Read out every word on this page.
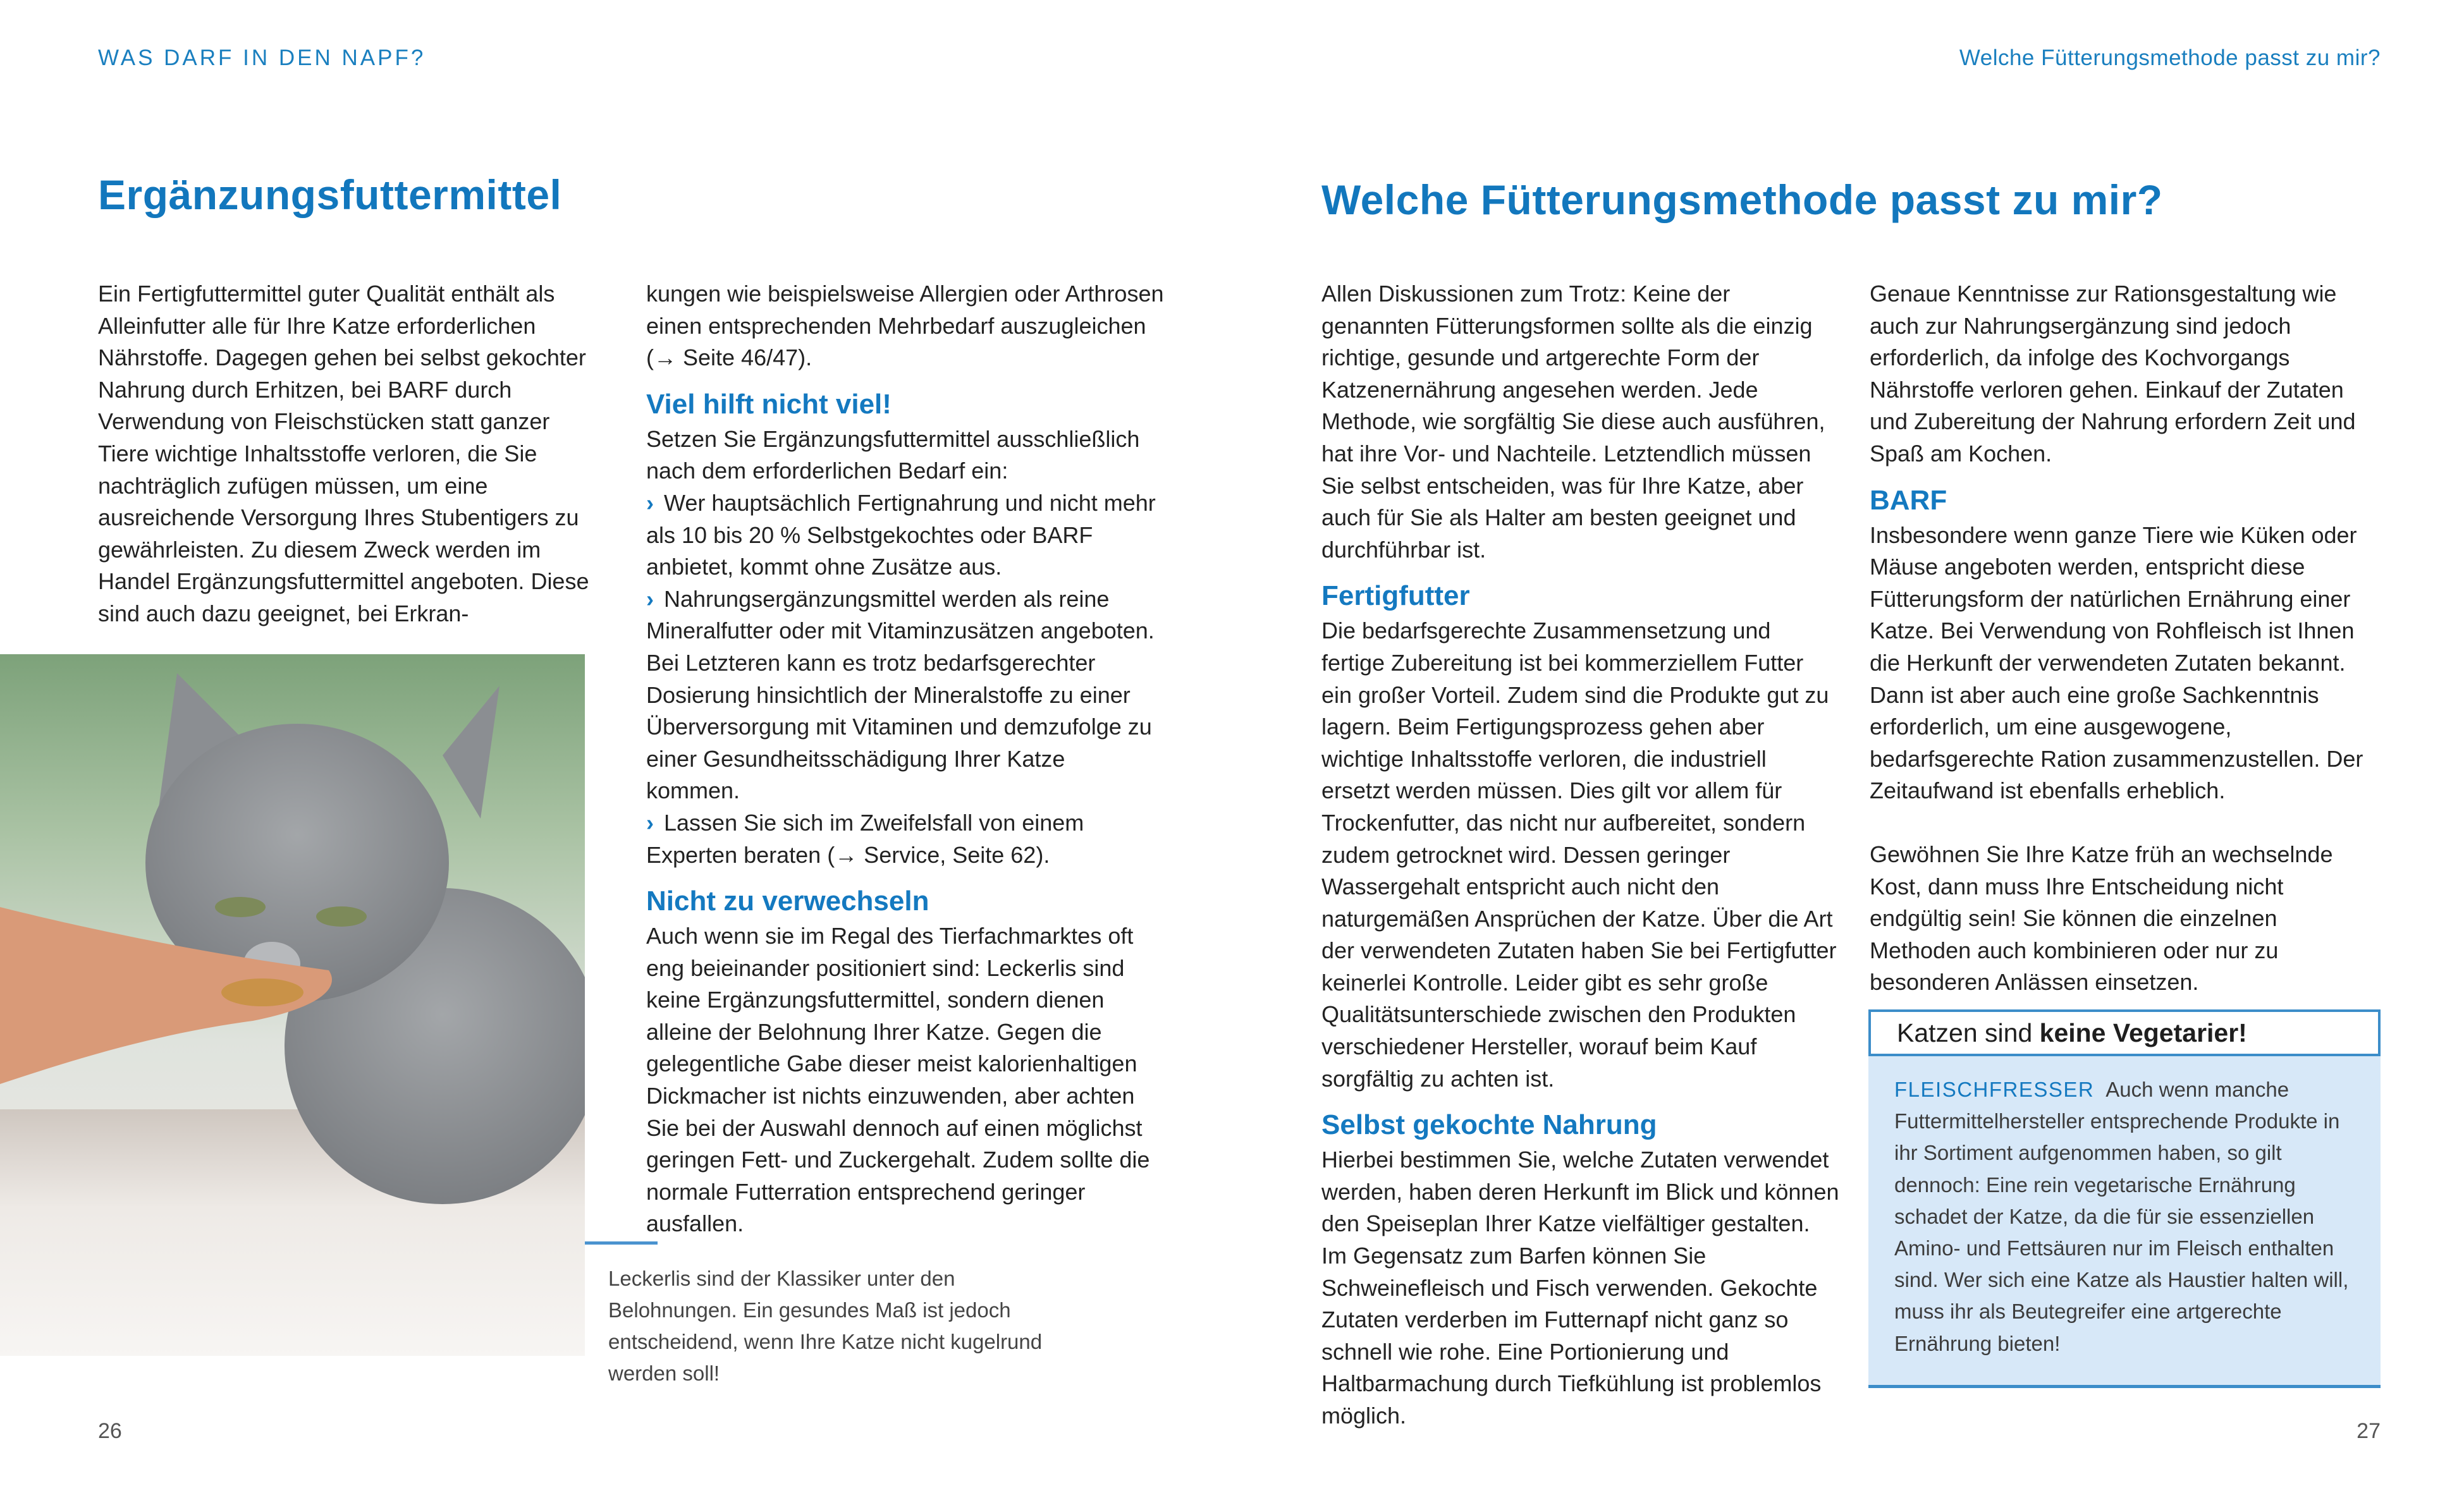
WAS DARF IN DEN NAPF?
Ergänzungsfuttermittel

Ein Fertigfuttermittel guter Qualität enthält als Alleinfutter alle für Ihre Katze erforderlichen Nährstoffe. Dagegen gehen bei selbst gekochter Nahrung durch Erhitzen, bei BARF durch Verwendung von Fleischstücken statt ganzer Tiere wichtige Inhaltsstoffe verloren, die Sie nachträglich zufügen müssen, um eine ausreichende Versorgung Ihres Stubentigers zu gewährleisten. Zu diesem Zweck werden im Handel Ergänzungsfuttermittel angeboten. Diese sind auch dazu geeignet, bei Erkran-

kungen wie beispielsweise Allergien oder Arthrosen einen entsprechenden Mehrbedarf auszugleichen (→ Seite 46/47).

Viel hilft nicht viel!

Setzen Sie Ergänzungsfuttermittel ausschließlich nach dem erforderlichen Bedarf ein:

› Wer hauptsächlich Fertignahrung und nicht mehr als 10 bis 20 % Selbstgekochtes oder BARF anbietet, kommt ohne Zusätze aus.

› Nahrungsergänzungsmittel werden als reine Mineralfutter oder mit Vitaminzusätzen angeboten. Bei Letzteren kann es trotz bedarfsgerechter Dosierung hinsichtlich der Mineralstoffe zu einer Überversorgung mit Vitaminen und demzufolge zu einer Gesundheitsschädigung Ihrer Katze kommen.

› Lassen Sie sich im Zweifelsfall von einem Experten beraten (→ Service, Seite 62).

Nicht zu verwechseln

Auch wenn sie im Regal des Tierfachmarktes oft eng beieinander positioniert sind: Leckerlis sind keine Ergänzungsfuttermittel, sondern dienen alleine der Belohnung Ihrer Katze. Gegen die gelegentliche Gabe dieser meist kalorienhaltigen Dickmacher ist nichts einzuwenden, aber achten Sie bei der Auswahl dennoch auf einen möglichst geringen Fett- und Zuckergehalt. Zudem sollte die normale Futterration entsprechend geringer ausfallen.

Leckerlis sind der Klassiker unter den Belohnungen. Ein gesundes Maß ist jedoch entscheidend, wenn Ihre Katze nicht kugelrund werden soll!
26
Welche Fütterungsmethode passt zu mir?
Welche Fütterungsmethode passt zu mir?

Allen Diskussionen zum Trotz: Keine der genannten Fütterungsformen sollte als die einzig richtige, gesunde und artgerechte Form der Katzenernährung angesehen werden. Jede Methode, wie sorgfältig Sie diese auch ausführen, hat ihre Vor- und Nachteile. Letztendlich müssen Sie selbst entscheiden, was für Ihre Katze, aber auch für Sie als Halter am besten geeignet und durchführbar ist.

Fertigfutter

Die bedarfsgerechte Zusammensetzung und fertige Zubereitung ist bei kommerziellem Futter ein großer Vorteil. Zudem sind die Produkte gut zu lagern. Beim Fertigungsprozess gehen aber wichtige Inhaltsstoffe verloren, die industriell ersetzt werden müssen. Dies gilt vor allem für Trockenfutter, das nicht nur aufbereitet, sondern zudem getrocknet wird. Dessen geringer Wassergehalt entspricht auch nicht den naturgemäßen Ansprüchen der Katze. Über die Art der verwendeten Zutaten haben Sie bei Fertigfutter keinerlei Kontrolle. Leider gibt es sehr große Qualitätsunterschiede zwischen den Produkten verschiedener Hersteller, worauf beim Kauf sorgfältig zu achten ist.

Selbst gekochte Nahrung

Hierbei bestimmen Sie, welche Zutaten verwendet werden, haben deren Herkunft im Blick und können den Speiseplan Ihrer Katze vielfältiger gestalten. Im Gegensatz zum Barfen können Sie Schweinefleisch und Fisch verwenden. Gekochte Zutaten verderben im Futternapf nicht ganz so schnell wie rohe. Eine Portionierung und Haltbarmachung durch Tiefkühlung ist problemlos möglich.

Genaue Kenntnisse zur Rationsgestaltung wie auch zur Nahrungsergänzung sind jedoch erforderlich, da infolge des Kochvorgangs Nährstoffe verloren gehen. Einkauf der Zutaten und Zubereitung der Nahrung erfordern Zeit und Spaß am Kochen.

BARF

Insbesondere wenn ganze Tiere wie Küken oder Mäuse angeboten werden, entspricht diese Fütterungsform der natürlichen Ernährung einer Katze. Bei Verwendung von Rohfleisch ist Ihnen die Herkunft der verwendeten Zutaten bekannt. Dann ist aber auch eine große Sachkenntnis erforderlich, um eine ausgewogene, bedarfsgerechte Ration zusammenzustellen. Der Zeitaufwand ist ebenfalls erheblich.

Gewöhnen Sie Ihre Katze früh an wechselnde Kost, dann muss Ihre Entscheidung nicht endgültig sein! Sie können die einzelnen Methoden auch kombinieren oder nur zu besonderen Anlässen einsetzen.

Katzen sind keine Vegetarier!
FLEISCHFRESSER Auch wenn manche Futtermittelhersteller entsprechende Produkte in ihr Sortiment aufgenommen haben, so gilt dennoch: Eine rein vegetarische Ernährung schadet der Katze, da die für sie essenziellen Amino- und Fettsäuren nur im Fleisch enthalten sind. Wer sich eine Katze als Haustier halten will, muss ihr als Beutegreifer eine artgerechte Ernährung bieten!
27
